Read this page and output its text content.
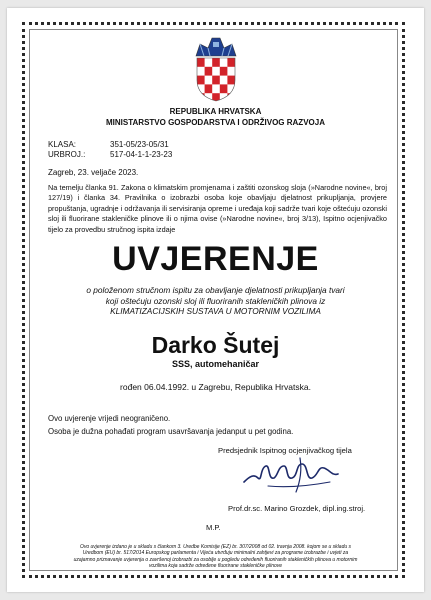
REPUBLIKA HRVATSKA
MINISTARSTVO GOSPODARSTVA I ODRŽIVOG RAZVOJA
KLASA:	351-05/23-05/31
URBROJ.:	517-04-1-1-23-23
Zagreb, 23. veljače 2023.
Na temelju članka 91. Zakona o klimatskim promjenama i zaštiti ozonskog sloja (»Narodne novine«, broj 127/19) i članka 34. Pravilnika o izobrazbi osoba koje obavljaju djelatnost prikupljanja, provjere propuštanja, ugradnje i održavanja ili servisiranja opreme i uređaja koji sadrže tvari koje oštećuju ozonski sloj ili fluorirane stakleničke plinove ili o njima ovise (»Narodne novine«, broj 3/13), Ispitno ocjenjivačko tijelo za provedbu stručnog ispita izdaje
UVJERENJE
o položenom stručnom ispitu za obavljanje djelatnosti prikupljanja tvari
koji oštećuju ozonski sloj ili fluoriranih stakleničkih plinova iz
KLIMATIZACIJSKIH SUSTAVA U MOTORNIM VOZILIMA
Darko Šutej
SSS, automehaničar
rođen 06.04.1992. u Zagrebu, Republika Hrvatska.
Ovo uvjerenje vrijedi neograničeno.
Osoba je dužna pohađati program usavršavanja jedanput u pet godina.
Predsjednik Ispitnog ocjenjivačkog tijela
Prof.dr.sc. Marino Grozdek, dipl.ing.stroj.
M.P.
Ovo uvjerenje izdano je u skladu s člankom 3. Uredbe Komisije (EZ) br. 307/2008 od 02. travnja 2008. kojom se u skladu s
Uredbom (EU) br. 517/2014 Europskog parlamenta i Vijeća utvrđuju minimalni zahtjevi za programe izobrazbe i uvjeti za
uzajamno priznavanje uvjerenja o završenoj izobrazbi za osoblje u pogledu određenih fluoriranih stakleničkih plinova u motornim
vozilima koja sadrže određene fluorirane stakleničke plinove
